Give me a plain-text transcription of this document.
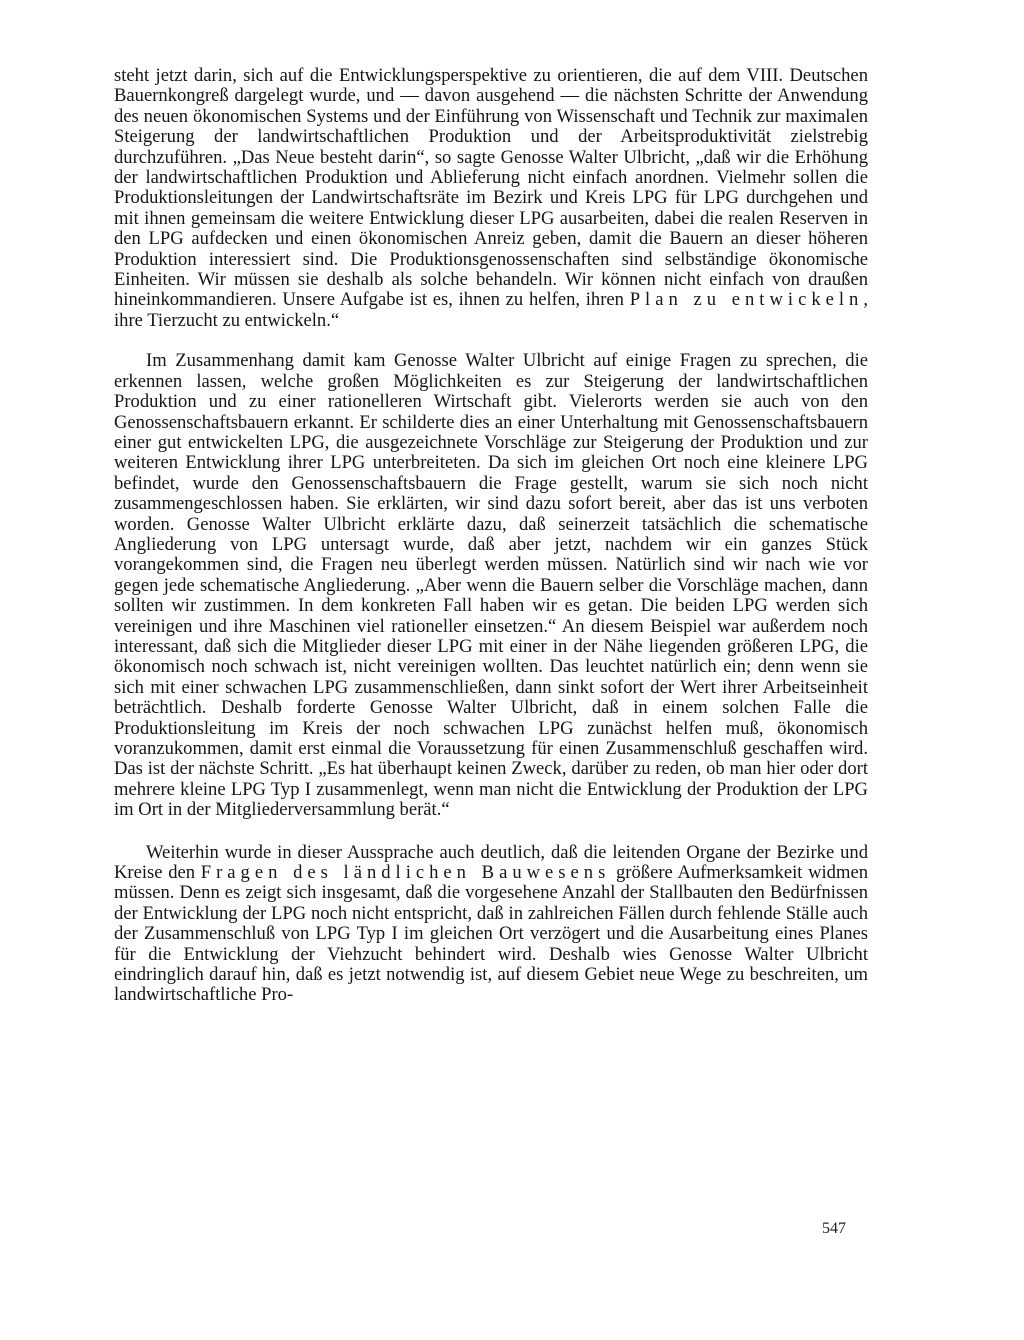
steht jetzt darin, sich auf die Entwicklungsperspektive zu orientieren, die auf dem VIII. Deutschen Bauernkongreß dargelegt wurde, und — davon ausgehend — die nächsten Schritte der Anwendung des neuen ökonomischen Systems und der Einführung von Wissenschaft und Technik zur maximalen Steigerung der landwirtschaftlichen Produktion und der Arbeitsproduktivität zielstrebig durchzuführen. „Das Neue besteht darin“, so sagte Genosse Walter Ulbricht, „daß wir die Erhöhung der landwirtschaftlichen Produktion und Ablieferung nicht einfach anordnen. Vielmehr sollen die Produktionsleitungen der Landwirtschaftsräte im Bezirk und Kreis LPG für LPG durchgehen und mit ihnen gemeinsam die weitere Entwicklung dieser LPG ausarbeiten, dabei die realen Reserven in den LPG aufdecken und einen ökonomischen Anreiz geben, damit die Bauern an dieser höheren Produktion interessiert sind. Die Produktionsgenossenschaften sind selbständige ökonomische Einheiten. Wir müssen sie deshalb als solche behandeln. Wir können nicht einfach von draußen hineinkommandieren. Unsere Aufgabe ist es, ihnen zu helfen, ihren Plan zu entwickeln, ihre Tierzucht zu entwickeln.“

Im Zusammenhang damit kam Genosse Walter Ulbricht auf einige Fragen zu sprechen, die erkennen lassen, welche großen Möglichkeiten es zur Steigerung der landwirtschaftlichen Produktion und zu einer rationelleren Wirtschaft gibt. Vielerorts werden sie auch von den Genossenschaftsbauern erkannt. Er schilderte dies an einer Unterhaltung mit Genossenschaftsbauern einer gut entwickelten LPG, die ausgezeichnete Vorschläge zur Steigerung der Produktion und zur weiteren Entwicklung ihrer LPG unterbreiteten. Da sich im gleichen Ort noch eine kleinere LPG befindet, wurde den Genossenschaftsbauern die Frage gestellt, warum sie sich noch nicht zusammengeschlossen haben. Sie erklärten, wir sind dazu sofort bereit, aber das ist uns verboten worden. Genosse Walter Ulbricht erklärte dazu, daß seinerzeit tatsächlich die schematische Angliederung von LPG untersagt wurde, daß aber jetzt, nachdem wir ein ganzes Stück vorangekommen sind, die Fragen neu überlegt werden müssen. Natürlich sind wir nach wie vor gegen jede schematische Angliederung. „Aber wenn die Bauern selber die Vorschläge machen, dann sollten wir zustimmen. In dem konkreten Fall haben wir es getan. Die beiden LPG werden sich vereinigen und ihre Maschinen viel rationeller einsetzen.“ An diesem Beispiel war außerdem noch interessant, daß sich die Mitglieder dieser LPG mit einer in der Nähe liegenden größeren LPG, die ökonomisch noch schwach ist, nicht vereinigen wollten. Das leuchtet natürlich ein; denn wenn sie sich mit einer schwachen LPG zusammenschließen, dann sinkt sofort der Wert ihrer Arbeitseinheit beträchtlich. Deshalb forderte Genosse Walter Ulbricht, daß in einem solchen Falle die Produktionsleitung im Kreis der noch schwachen LPG zunächst helfen muß, ökonomisch voranzukommen, damit erst einmal die Voraussetzung für einen Zusammenschluß geschaffen wird. Das ist der nächste Schritt. „Es hat überhaupt keinen Zweck, darüber zu reden, ob man hier oder dort mehrere kleine LPG Typ I zusammenlegt, wenn man nicht die Entwicklung der Produktion der LPG im Ort in der Mitgliederversammlung berät.“

Weiterhin wurde in dieser Aussprache auch deutlich, daß die leitenden Organe der Bezirke und Kreise den Fragen des ländlichen Bauwesens größere Aufmerksamkeit widmen müssen. Denn es zeigt sich insgesamt, daß die vorgesehene Anzahl der Stallbauten den Bedürfnissen der Entwicklung der LPG noch nicht entspricht, daß in zahlreichen Fällen durch fehlende Ställe auch der Zusammenschluß von LPG Typ I im gleichen Ort verzögert und die Ausarbeitung eines Planes für die Entwicklung der Viehzucht behindert wird. Deshalb wies Genosse Walter Ulbricht eindringlich darauf hin, daß es jetzt notwendig ist, auf diesem Gebiet neue Wege zu beschreiten, um landwirtschaftliche Pro-

547
